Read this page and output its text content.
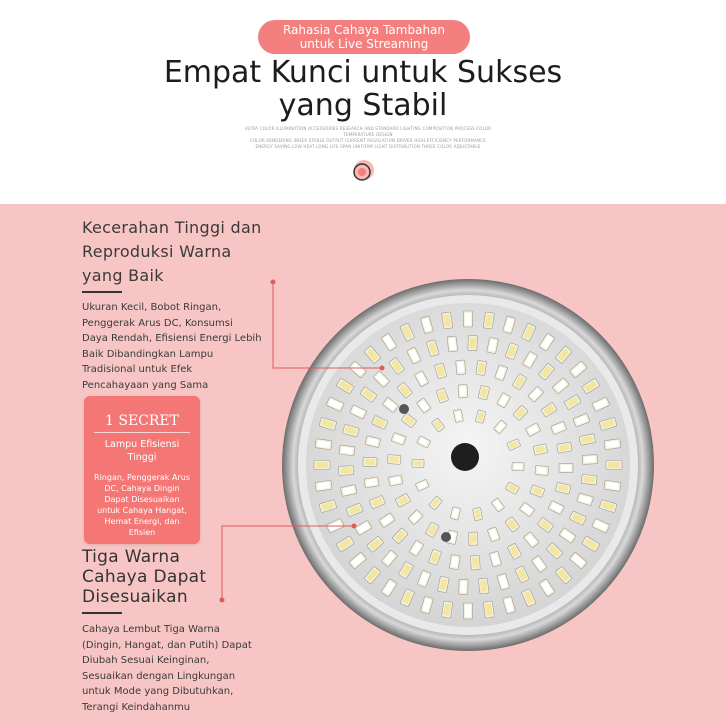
Rahasia Cahaya Tambahan
untuk Live Streaming
Empat Kunci untuk Sukses
yang Stabil
ULTRA COLOR ILLUMINATION ACCESSORIES RESEARCH AND STANDARD LIGHTING COMPOSITION PROCESS COLOR TEMPERATURE DESIGN
COLOR RENDERING INDEX STABLE OUTPUT CURRENT REGULATION DRIVER HIGH EFFICIENCY PERFORMANCE
ENERGY SAVING LOW HEAT LONG LIFE SPAN UNIFORM LIGHT DISTRIBUTION THREE COLOR ADJUSTABLE
Kecerahan Tinggi dan
Reproduksi Warna
yang Baik
Ukuran Kecil, Bobot Ringan,
Penggerak Arus DC, Konsumsi
Daya Rendah, Efisiensi Energi Lebih
Baik Dibandingkan Lampu
Tradisional untuk Efek
Pencahayaan yang Sama
1 SECRET
Lampu Efisiensi
Tinggi
Ringan, Penggerak Arus
DC, Cahaya Dingin
Dapat Disesuaikan
untuk Cahaya Hangat,
Hemat Energi, dan
Efisien
Tiga Warna
Cahaya Dapat
Disesuaikan
Cahaya Lembut Tiga Warna
(Dingin, Hangat, dan Putih) Dapat
Diubah Sesuai Keinginan,
Sesuaikan dengan Lingkungan
untuk Mode yang Dibutuhkan,
Terangi Keindahanmu
